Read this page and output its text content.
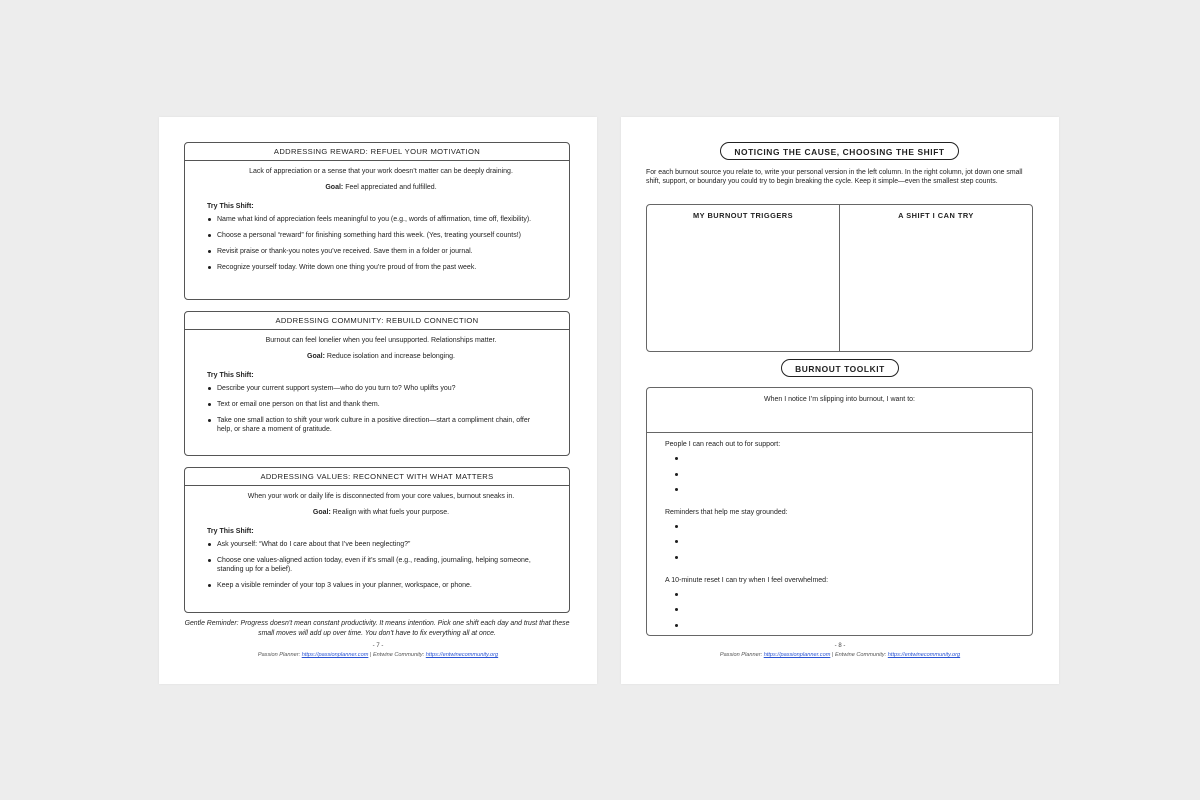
ADDRESSING REWARD: REFUEL YOUR MOTIVATION

Lack of appreciation or a sense that your work doesn’t matter can be deeply draining.

Goal: Feel appreciated and fulfilled.

Try This Shift:

Name what kind of appreciation feels meaningful to you (e.g., words of affirmation, time off, flexibility).
Choose a personal “reward” for finishing something hard this week. (Yes, treating yourself counts!)
Revisit praise or thank-you notes you’ve received. Save them in a folder or journal.
Recognize yourself today. Write down one thing you’re proud of from the past week.
ADDRESSING COMMUNITY: REBUILD CONNECTION

Burnout can feel lonelier when you feel unsupported. Relationships matter.

Goal: Reduce isolation and increase belonging.

Try This Shift:

Describe your current support system—who do you turn to? Who uplifts you?
Text or email one person on that list and thank them.
Take one small action to shift your work culture in a positive direction—start a compliment chain, offer help, or share a moment of gratitude.
ADDRESSING VALUES: RECONNECT WITH WHAT MATTERS

When your work or daily life is disconnected from your core values, burnout sneaks in.

Goal: Realign with what fuels your purpose.

Try This Shift:

Ask yourself: “What do I care about that I’ve been neglecting?”
Choose one values-aligned action today, even if it’s small (e.g., reading, journaling, helping someone, standing up for a belief).
Keep a visible reminder of your top 3 values in your planner, workspace, or phone.

Gentle Reminder: Progress doesn’t mean constant productivity. It means intention. Pick one shift each day and trust that these small moves will add up over time. You don’t have to fix everything all at once.

- 7 -
Passion Planner: https://passionplanner.com | Entwine Community: https://entwinecommunity.org
NOTICING THE CAUSE, CHOOSING THE SHIFT

For each burnout source you relate to, write your personal version in the left column. In the right column, jot down one small shift, support, or boundary you could try to begin breaking the cycle. Keep it simple—even the smallest step counts.

MY BURNOUT TRIGGERS	A SHIFT I CAN TRY
BURNOUT TOOLKIT
When I notice I’m slipping into burnout, I want to:

People I can reach out to for support:

Reminders that help me stay grounded:

A 10-minute reset I can try when I feel overwhelmed:

- 8 -
Passion Planner: https://passionplanner.com | Entwine Community: https://entwinecommunity.org
